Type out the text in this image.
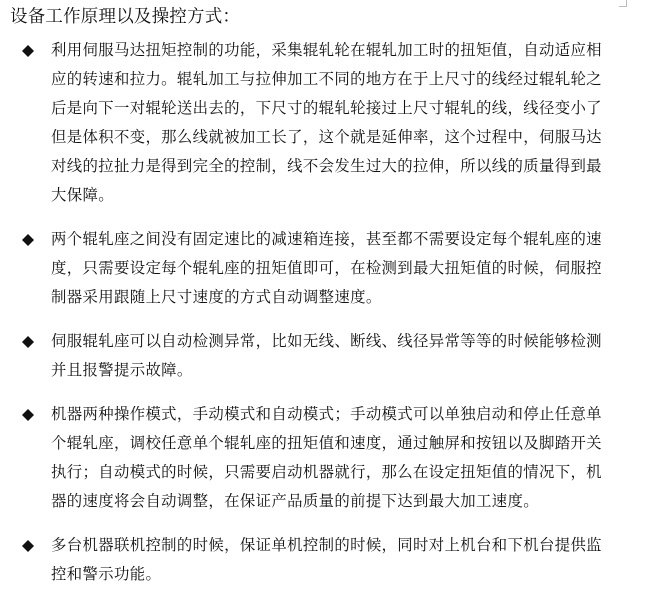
设备工作原理以及操控方式：
利用伺服马达扭矩控制的功能，采集辊轧轮在辊轧加工时的扭矩值，自动适应相应的转速和拉力。辊轧加工与拉伸加工不同的地方在于上尺寸的线经过辊轧轮之后是向下一对辊轮送出去的，下尺寸的辊轧轮接过上尺寸辊轧的线，线径变小了但是体积不变，那么线就被加工长了，这个就是延伸率，这个过程中，伺服马达对线的拉扯力是得到完全的控制，线不会发生过大的拉伸，所以线的质量得到最大保障。
两个辊轧座之间没有固定速比的减速箱连接，甚至都不需要设定每个辊轧座的速度，只需要设定每个辊轧座的扭矩值即可，在检测到最大扭矩值的时候，伺服控制器采用跟随上尺寸速度的方式自动调整速度。
伺服辊轧座可以自动检测异常，比如无线、断线、线径异常等等的时候能够检测并且报警提示故障。
机器两种操作模式，手动模式和自动模式；手动模式可以单独启动和停止任意单个辊轧座，调校任意单个辊轧座的扭矩值和速度，通过触屏和按钮以及脚踏开关执行；自动模式的时候，只需要启动机器就行，那么在设定扭矩值的情况下，机器的速度将会自动调整，在保证产品质量的前提下达到最大加工速度。
多台机器联机控制的时候，保证单机控制的时候，同时对上机台和下机台提供监控和警示功能。
